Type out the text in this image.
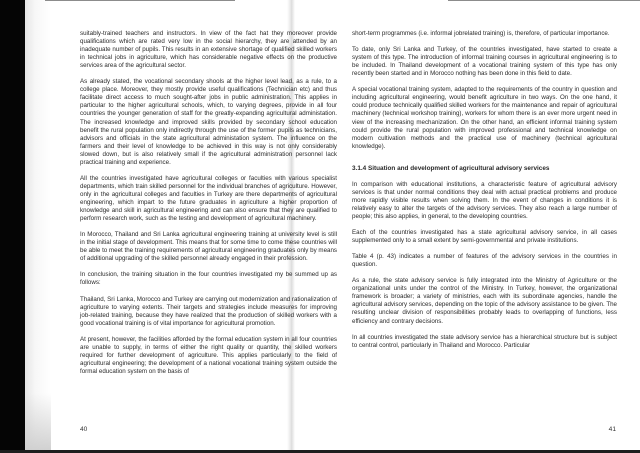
suitably-trained teachers and instructors. In view of the fact hat they moreover provide qualifications which are rated very low in the social hierarchy, they are attended by an inadequate number of pupils. This results in an extensive shortage of qualified skilled workers in technical jobs in agriculture, which has considerable negative effects on the productive services area of the agricultural sector.

As already stated, the vocational secondary shools at the higher level lead, as a rule, to a college place. Moreover, they mostly provide useful qualifications (Technician etc) and thus facilitate direct access to much sought-after jobs in public administration. This applies in particular to the higher agricultural schools, which, to varying degrees, provide in all four countries the younger generation of staff for the greatly-expanding agricultural administation. The increased knowledge and improved skills provided by secondary school education benefit the rural population only indirectly through the use of the former pupils as technicians, advisors and officials in the state agricultural administation system. The influence on the farmers and their level of knowledge to be achieved in this way is not only considerably slowed down, but is also relatively small if the agricultural administration personnel lack practical training and experience.

All the countries investigated have agricultural colleges or faculties with various specialist departments, which train skilled personnel for the individual branches of agriculture. However, only in the agricultural colleges and faculties in Turkey are there departments of agricultural engineering, which impart to the future graduates in agriculture a higher proportion of knowledge and skill in agricultural engineering and can also ensure that they are qualified to perform research work, such as the testing and development of agricultural machinery.

In Morocco, Thailand and Sri Lanka agricultural engineering training at university level is still in the initial stage of development. This means that for some time to come these countries will be able to meet the training requirements of agricultural engineering graduates only by means of additional upgrading of the skilled personnel already engaged in their profession.

In conclusion, the training situation in the four countries investigated my be summed up as follows:

Thailand, Sri Lanka, Morocco and Turkey are carrying out modernization and rationalization of agriculture to varying extents. Their targets and strategies include measures for improving job-related training, because they have realized that the production of skilled workers with a good vocational training is of vital importance for agricultural promotion.

At present, however, the facilities afforded by the formal education system in all four countries are unable to supply, in terms of either the right quality or quantity, the skilled workers required for further development of agriculture. This applies particularly to the field of agricultural engineering; the development of a national vocational training system outside the formal education system on the basis of

40

short-term programmes (i.e. informal jobrelated training) is, therefore, of particular importance.

To date, only Sri Lanka and Turkey, of the countries investigated, have started to create a system of this type. The introduction of informal training courses in agricultural engineering is to be included. In Thailand development of a vocational training system of this type has only recently been started and in Morocco nothing has been done in this field to date.

A special vocational training system, adapted to the requirements of the country in question and including agricultural engineering, would benefit agriculture in two ways. On the one hand, it could produce technically qualified skilled workers for the maintenance and repair of agricultural machinery (technical workshop training), workers for whom there is an ever more urgent need in view of the increasing mechanization. On the other hand, an efficient informal training system could provide the rural population with improved professional and technical knowledge on modern cultivation methods and the practical use of machinery (technical agricultural knowledge).

3.1.4 Situation and development of agricultural advisory services

In comparison with educational institutions, a characteristic feature of agricultural advisory services is that under normal conditions they deal with actual practical problems and produce more rapidly visible results when solving them. In the event of changes in conditions it is relatively easy to alter the targets of the advisory services. They also reach a large number of people; this also applies, in general, to the developing countries.

Each of the countries investigated has a state agricultural advisory service, in all cases supplemented only to a small extent by semi-governmental and private institutions.

Table 4 (p. 43) indicates a number of features of the advisory services in the countries in question.

As a rule, the state advisory service is fully integrated into the Ministry of Agriculture or the organizational units under the control of the Ministry. In Turkey, however, the organizational framework is broader; a variety of ministries, each with its subordinate agencies, handle the agricultural advisory services, depending on the topic of the advisory assistance to be given. The resulting unclear division of responsibilities probably leads to overlapping of functions, less efficiency and contrary decisions.

In all countries investigated the state advisory service has a hierarchical structure but is subject to central control, particularly in Thailand and Morocco. Particular

41
